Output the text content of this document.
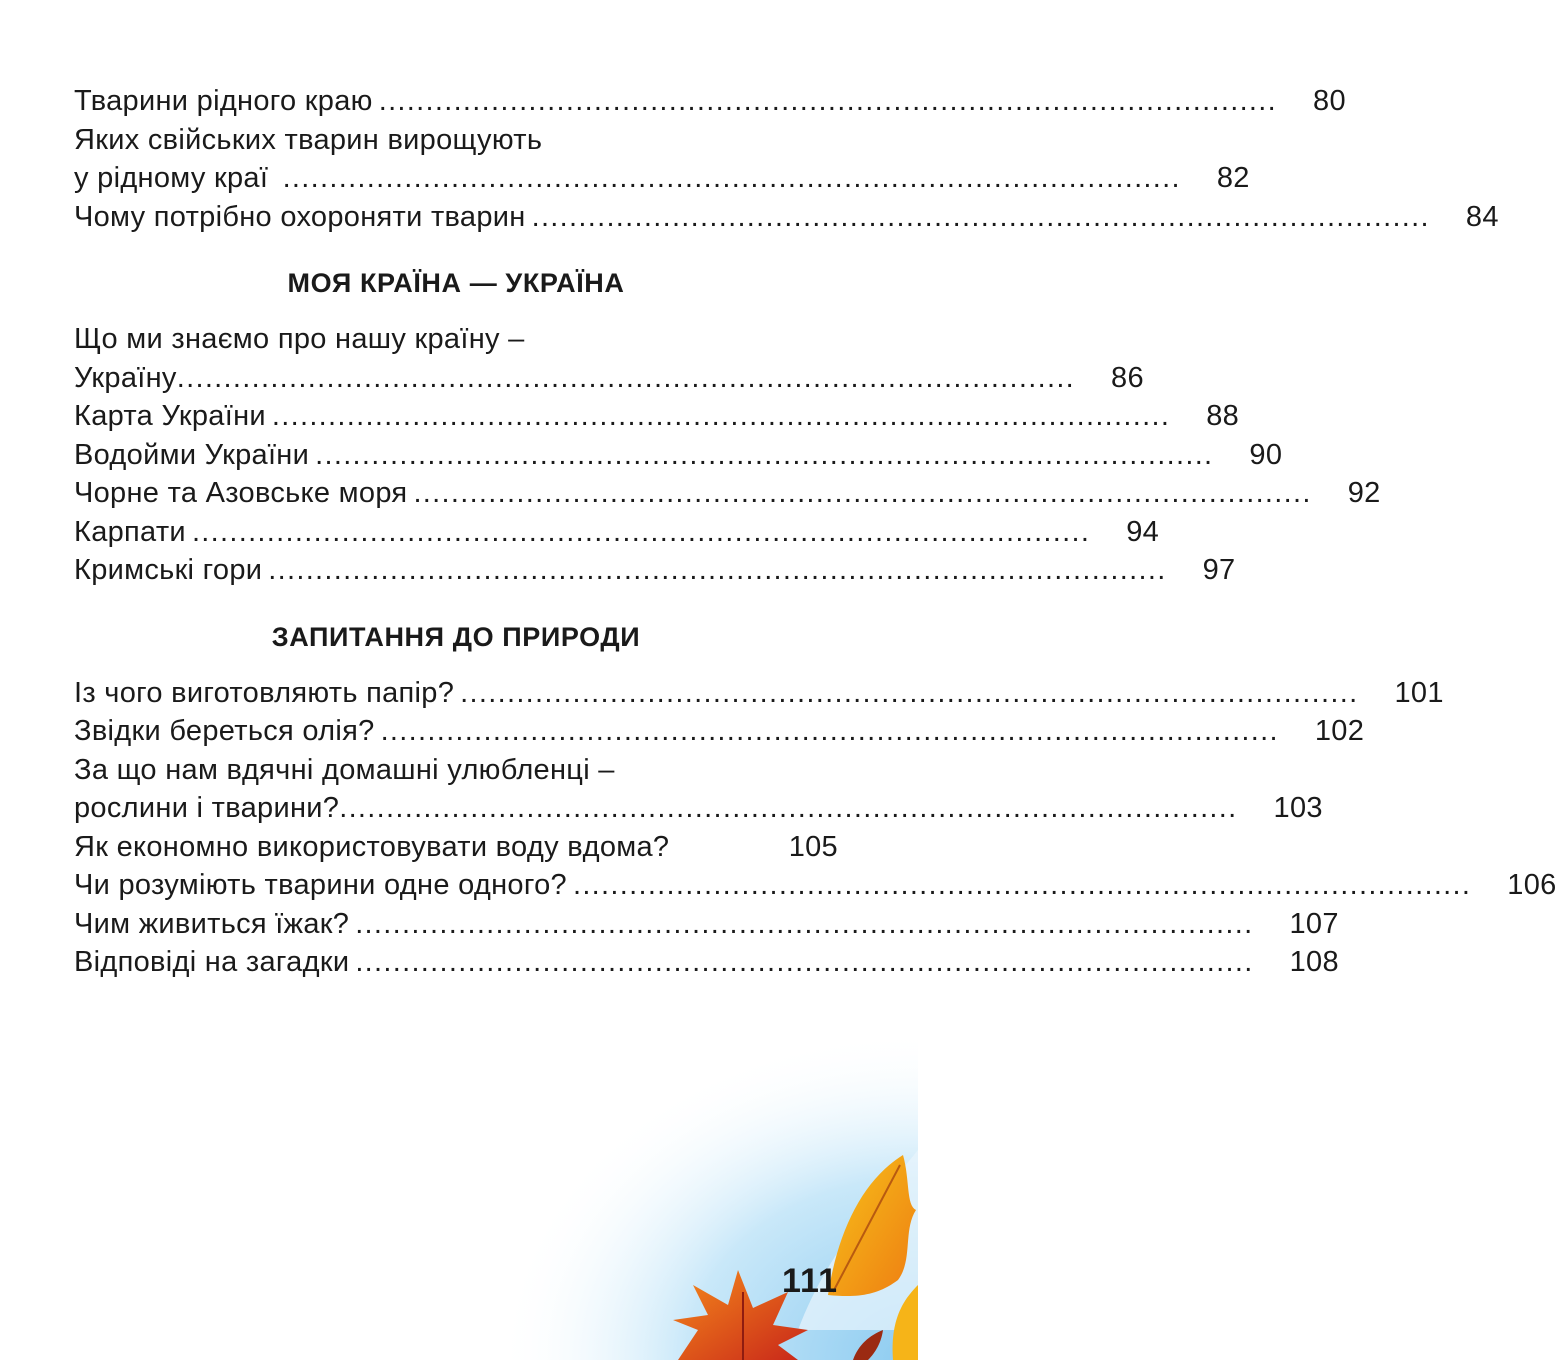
Тварини рідного краю ................................................................................................ 80
Яких свійських тварин вирощують
у рідному краї ................................................................................................ 82
Чому потрібно охороняти тварин ................................................................................................ 84
МОЯ КРАЇНА — УКРАЇНА
Що ми знаємо про нашу країну –
Україну ................................................................................................ 86
Карта України ................................................................................................ 88
Водойми України ................................................................................................ 90
Чорне та Азовське моря ................................................................................................ 92
Карпати ................................................................................................ 94
Кримські гори ................................................................................................ 97
ЗАПИТАННЯ ДО ПРИРОДИ
Із чого виготовляють папір? ................................................................................................ 101
Звідки береться олія? ................................................................................................ 102
За що нам вдячні домашні улюбленці –
рослини і тварини? ................................................................................................ 103
Як економно використовувати воду вдома?	105
Чи розуміють тварини одне одного? ................................................................................................ 106
Чим живиться їжак? ................................................................................................ 107
Відповіді на загадки ................................................................................................ 108
111
